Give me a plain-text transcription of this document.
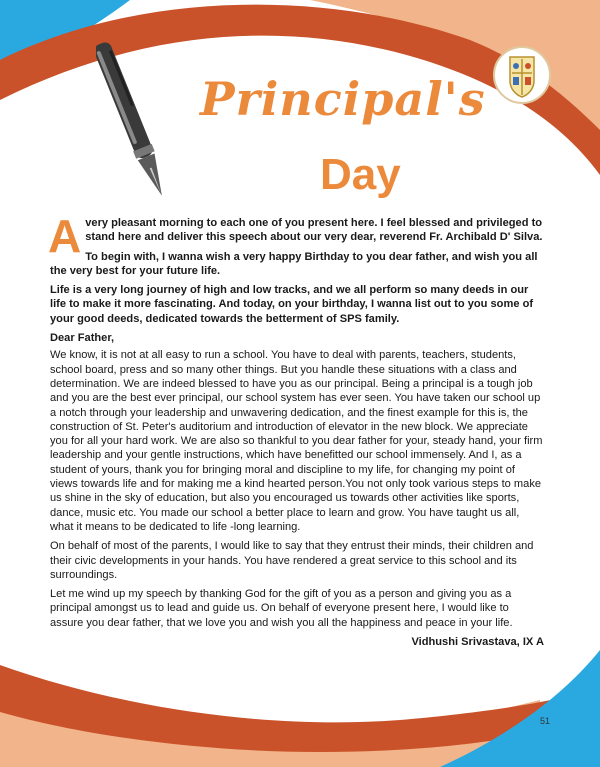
Principal's
Day

Avery pleasant morning to each one of you present here. I feel blessed and privileged to stand here and deliver this speech about our very dear, reverend Fr. Archibald D' Silva.

To begin with, I wanna wish a very happy Birthday to you dear father, and wish you all the very best for your future life.

Life is a very long journey of high and low tracks, and we all perform so many deeds in our life to make it more fascinating. And today, on your birthday, I wanna list out to you some of your good deeds, dedicated towards the betterment of SPS family.

Dear Father,

We know, it is not at all easy to run a school. You have to deal with parents, teachers, students, school board, press and so many other things. But you handle these situations with a class and determination. We are indeed blessed to have you as our principal. Being a principal is a tough job and you are the best ever principal, our school system has ever seen. You have taken our school up a notch through your leadership and unwavering dedication, and the finest example for this is, the construction of St. Peter's auditorium and introduction of elevator in the new block. We appreciate you for all your hard work. We are also so thankful to you dear father for your, steady hand, your firm leadership and your gentle instructions, which have benefitted our school immensely. And I, as a student of yours, thank you for bringing moral and discipline to my life, for changing my point of views towards life and for making me a kind hearted person.You not only took various steps to make us shine in the sky of education, but also you encouraged us towards other activities like sports, dance, music etc. You made our school a better place to learn and grow. You have taught us all, what it means to be dedicated to life -long learning.

On behalf of most of the parents, I would like to say that they entrust their minds, their children and their civic developments in your hands. You have rendered a great service to this school and its surroundings.

Let me wind up my speech by thanking God for the gift of you as a person and giving you as a principal amongst us to lead and guide us. On behalf of everyone present here, I would like to assure you dear father, that we love you and wish you all the happiness and peace in your life.

Vidhushi Srivastava, IX A

51
